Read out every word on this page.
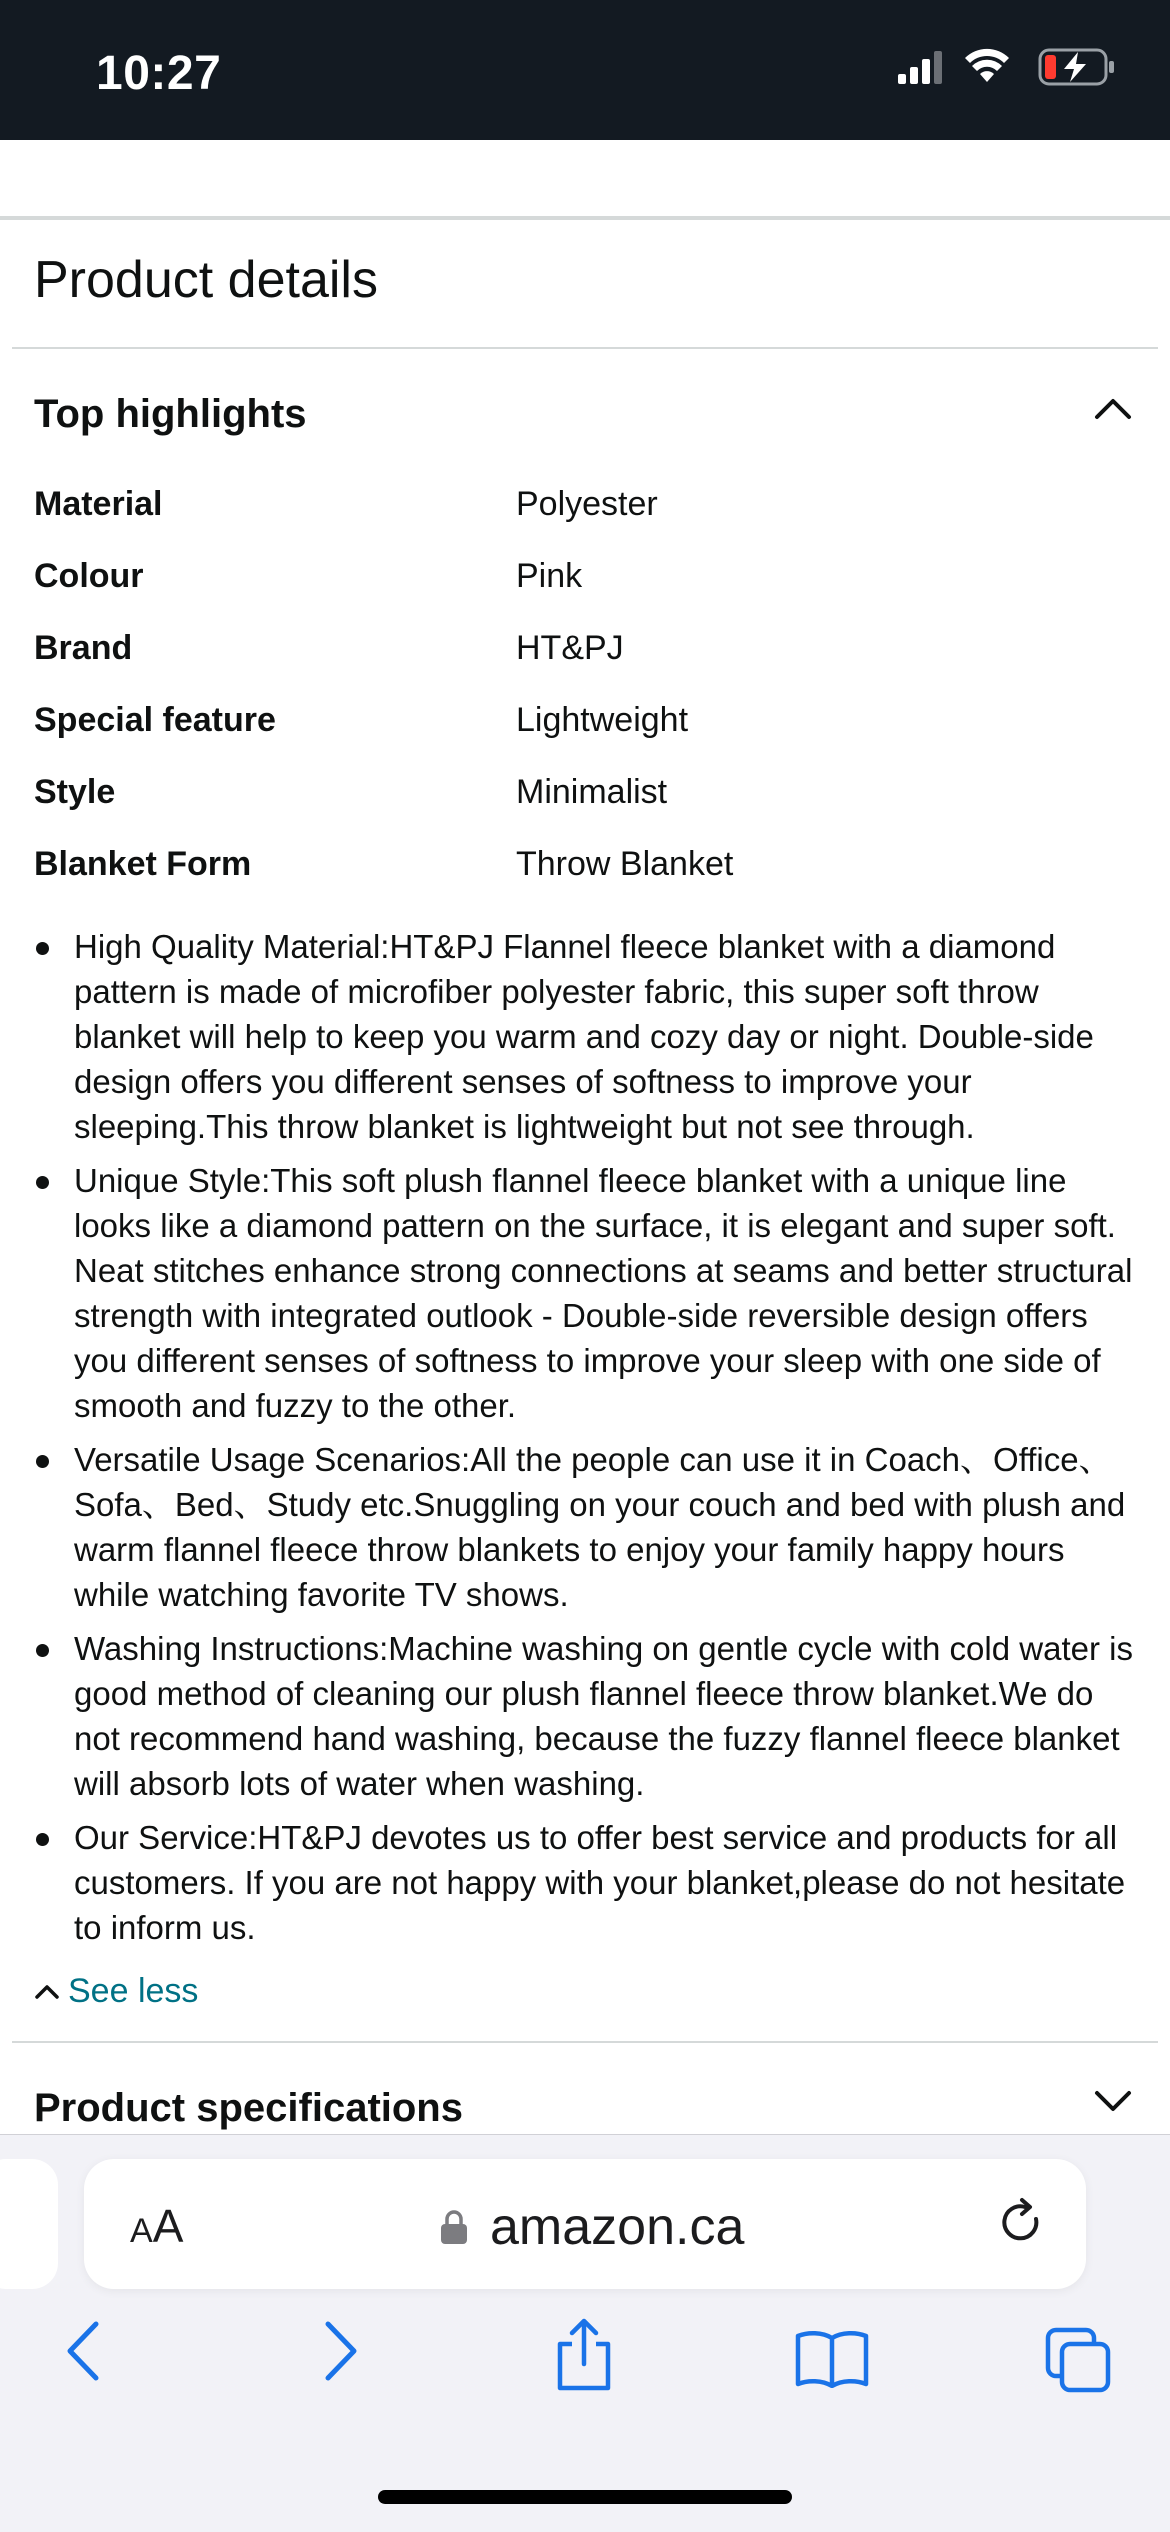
10:27
Product details
Top highlights
Material	Polyester
Colour	Pink
Brand	HT&PJ
Special feature	Lightweight
Style	Minimalist
Blanket Form	Throw Blanket
High Quality Material:HT&PJ Flannel fleece blanket with a diamond pattern is made of microfiber polyester fabric, this super soft throw blanket will help to keep you warm and cozy day or night. Double-side design offers you different senses of softness to improve your sleeping.This throw blanket is lightweight but not see through.
Unique Style:This soft plush flannel fleece blanket with a unique line looks like a diamond pattern on the surface, it is elegant and super soft. Neat stitches enhance strong connections at seams and better structural strength with integrated outlook - Double-side reversible design offers you different senses of softness to improve your sleep with one side of smooth and fuzzy to the other.
Versatile Usage Scenarios:All the people can use it in Coach、Office、Sofa、Bed、Study etc.Snuggling on your couch and bed with plush and warm flannel fleece throw blankets to enjoy your family happy hours while watching favorite TV shows.
Washing Instructions:Machine washing on gentle cycle with cold water is good method of cleaning our plush flannel fleece throw blanket.We do not recommend hand washing, because the fuzzy flannel fleece blanket will absorb lots of water when washing.
Our Service:HT&PJ devotes us to offer best service and products for all customers. If you are not happy with your blanket,please do not hesitate to inform us.
See less
Product specifications
AA	amazon.ca
